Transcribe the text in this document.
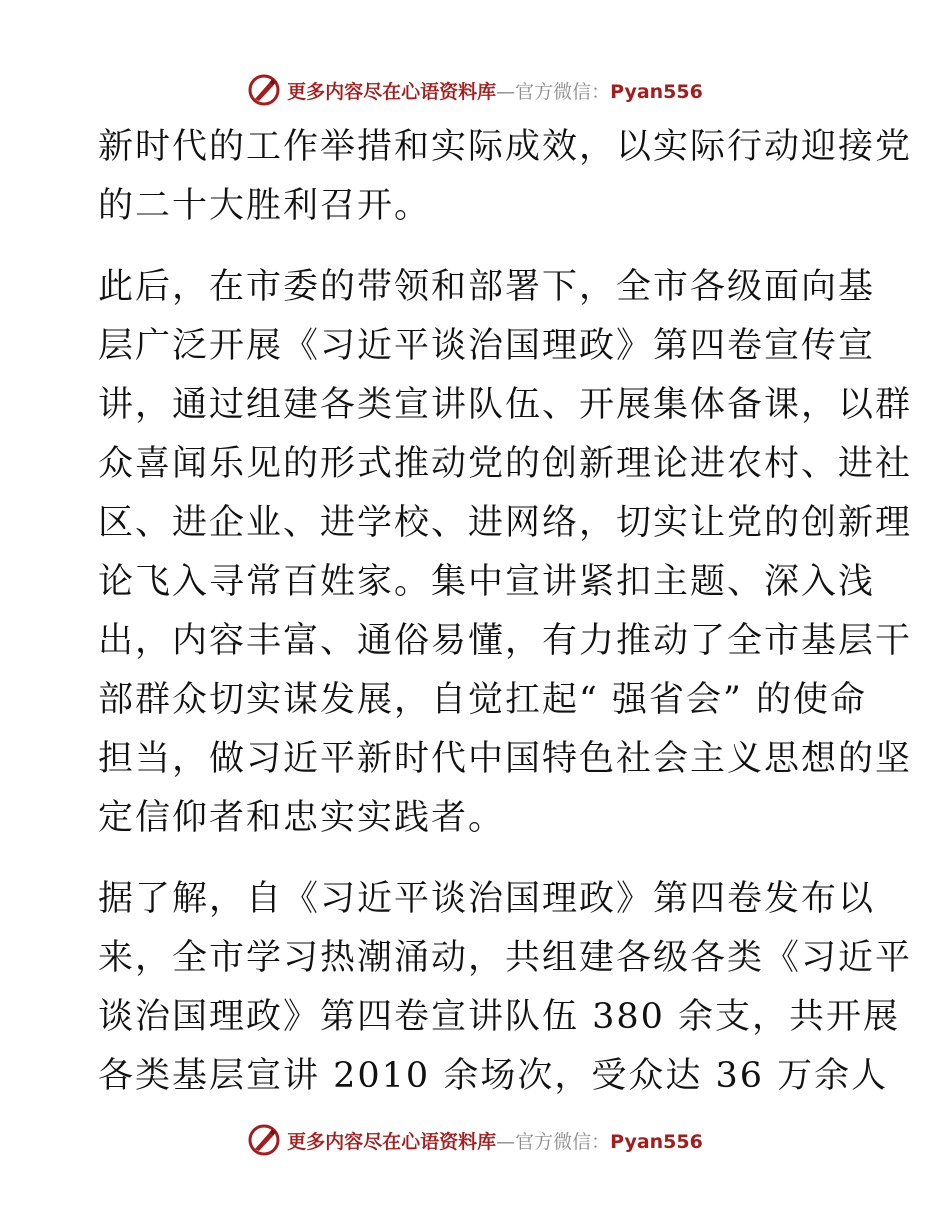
更多内容尽在心语资料库—官方微信：Pyan556

新时代的工作举措和实际成效，以实际行动迎接党
的二十大胜利召开。

此后，在市委的带领和部署下，全市各级面向基
层广泛开展《习近平谈治国理政》第四卷宣传宣
讲，通过组建各类宣讲队伍、开展集体备课，以群
众喜闻乐见的形式推动党的创新理论进农村、进社
区、进企业、进学校、进网络，切实让党的创新理
论飞入寻常百姓家。集中宣讲紧扣主题、深入浅
出，内容丰富、通俗易懂，有力推动了全市基层干
部群众切实谋发展，自觉扛起“ 强省会” 的使命
担当，做习近平新时代中国特色社会主义思想的坚
定信仰者和忠实实践者。

据了解，自《习近平谈治国理政》第四卷发布以
来，全市学习热潮涌动，共组建各级各类《习近平
谈治国理政》第四卷宣讲队伍 380 余支，共开展
各类基层宣讲 2010 余场次，受众达 36 万余人

更多内容尽在心语资料库—官方微信：Pyan556
